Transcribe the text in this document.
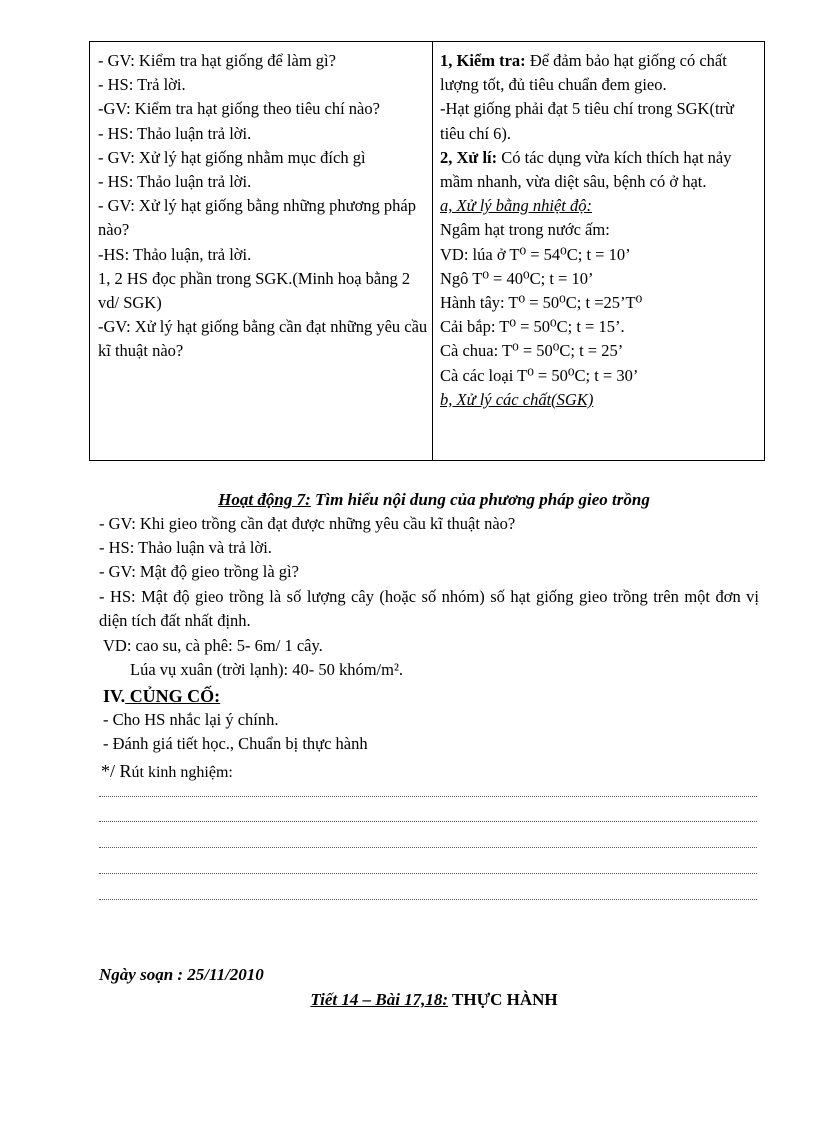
- GV: Kiểm tra hạt giống để làm gì?
- HS: Trả lời.
-GV: Kiểm tra hạt giống theo tiêu chí nào?
- HS: Thảo luận trả lời.
- GV: Xử lý hạt giống nhằm mục đích gì
- HS: Thảo luận trả lời.
- GV: Xử lý hạt giống bằng những phương pháp nào?
-HS: Thảo luận, trả lời.
1, 2 HS đọc phần trong SGK.(Minh hoạ bằng 2 vd/ SGK)
-GV: Xử lý hạt giống bằng cần đạt những yêu cầu kĩ thuật nào?
1, Kiểm tra: Để đảm bảo hạt giống có chất lượng tốt, đủ tiêu chuẩn đem gieo.
-Hạt giống phải đạt 5 tiêu chí trong SGK(trừ tiêu chí 6).
2, Xử lí: Có tác dụng vừa kích thích hạt nảy mầm nhanh, vừa diệt sâu, bệnh có ở hạt.
a, Xử lý bằng nhiệt độ:
Ngâm hạt trong nước ấm:
VD: lúa ở T⁰ = 54⁰C; t = 10’
Ngô T⁰ = 40⁰C; t = 10’
Hành tây: T⁰ = 50⁰C; t =25’T⁰
Cải bắp: T⁰ = 50⁰C; t = 15’.
Cà chua: T⁰ = 50⁰C; t = 25’
Cà các loại T⁰ = 50⁰C; t = 30’
b, Xử lý các chất(SGK)
Hoạt động 7: Tìm hiểu nội dung của phương pháp gieo trồng
- GV: Khi gieo trồng cần đạt được những yêu cầu kĩ thuật nào?
- HS: Thảo luận và trả lời.
- GV: Mật độ gieo trồng là gì?
- HS: Mật độ gieo trồng là số lượng cây (hoặc số nhóm) số hạt giống gieo trồng trên một đơn vị diện tích đất nhất định.
VD: cao su, cà phê: 5- 6m/ 1 cây.
Lúa vụ xuân (trời lạnh): 40- 50 khóm/m².
IV. CỦNG CỐ:
- Cho HS nhắc lại ý chính.
- Đánh giá tiết học., Chuẩn bị thực hành
*/ Rút kinh nghiệm:
Ngày soạn : 25/11/2010
Tiết 14 – Bài 17,18: THỰC HÀNH
